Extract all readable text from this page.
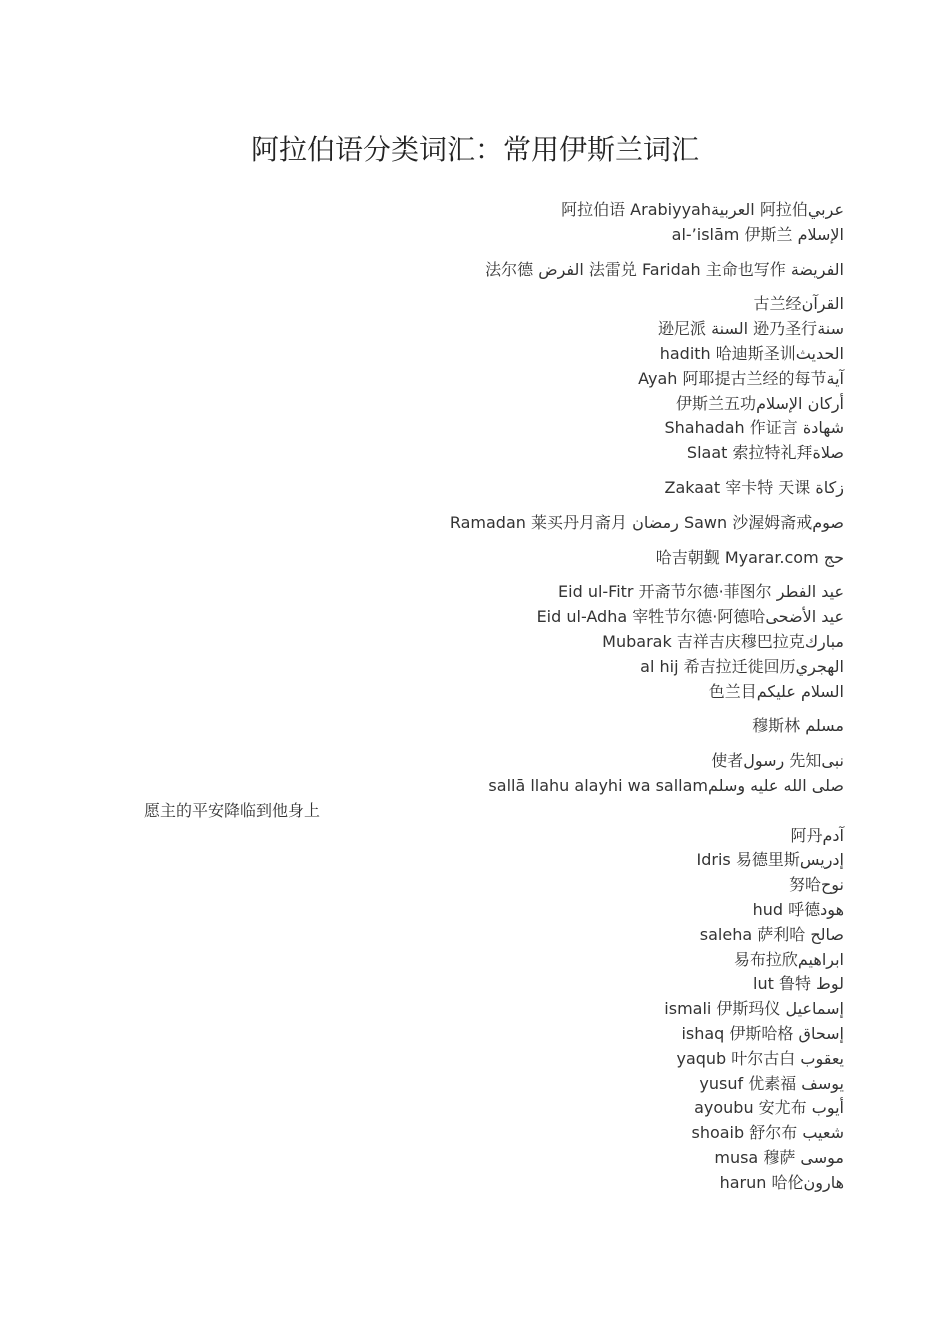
阿拉伯语分类词汇：常用伊斯兰词汇
عربي阿拉伯 العربية阿拉伯语 Arabiyyah
الإسلام al-’islām 伊斯兰
الفريضة 法雷兑 Faridah 主命也写作 الفرض 法尔德
القرآن古兰经
سنة逊乃圣行 السنة 逊尼派
الحديثhadith 哈迪斯圣训
آيةAyah 阿耶提古兰经的每节
أركان الإسلام伊斯兰五功
شهادة Shahadah 作证言
صلاةSlaat 索拉特礼拜
زكاة Zakaat 宰卡特 天课
صومSawn 沙渥姆斋戒 رمضان Ramadan 莱买丹月斋月
حج 哈吉朝觐 Myarar.com
عيد الفطر Eid ul-Fitr 开斋节尔德·菲图尔
عيد الأضحىEid ul-Adha 宰牲节尔德·阿德哈
مباركMubarak 吉祥吉庆穆巴拉克
الهجريal hij 希吉拉迁徙回历
السلام عليكم色兰目
مسلم 穆斯林
نبى先知 رسول使者
صلى الله عليه وسلمsallā llahu alayhi wa sallam
愿主的平安降临到他身上
آدم阿丹
إدريسIdris 易德里斯
نوح努哈
هودhud 呼德
صالح saleha 萨利哈
ابراهيم易布拉欣
لوط lut 鲁特
إسماعيل ismali 伊斯玛仪
إسحاق ishaq 伊斯哈格
يعقوب yaqub 叶尔古白
يوسف yusuf 优素福
أيوب ayoubu 安尤布
شعيب shoaib 舒尔布
موسى musa 穆萨
هارونharun 哈伦
